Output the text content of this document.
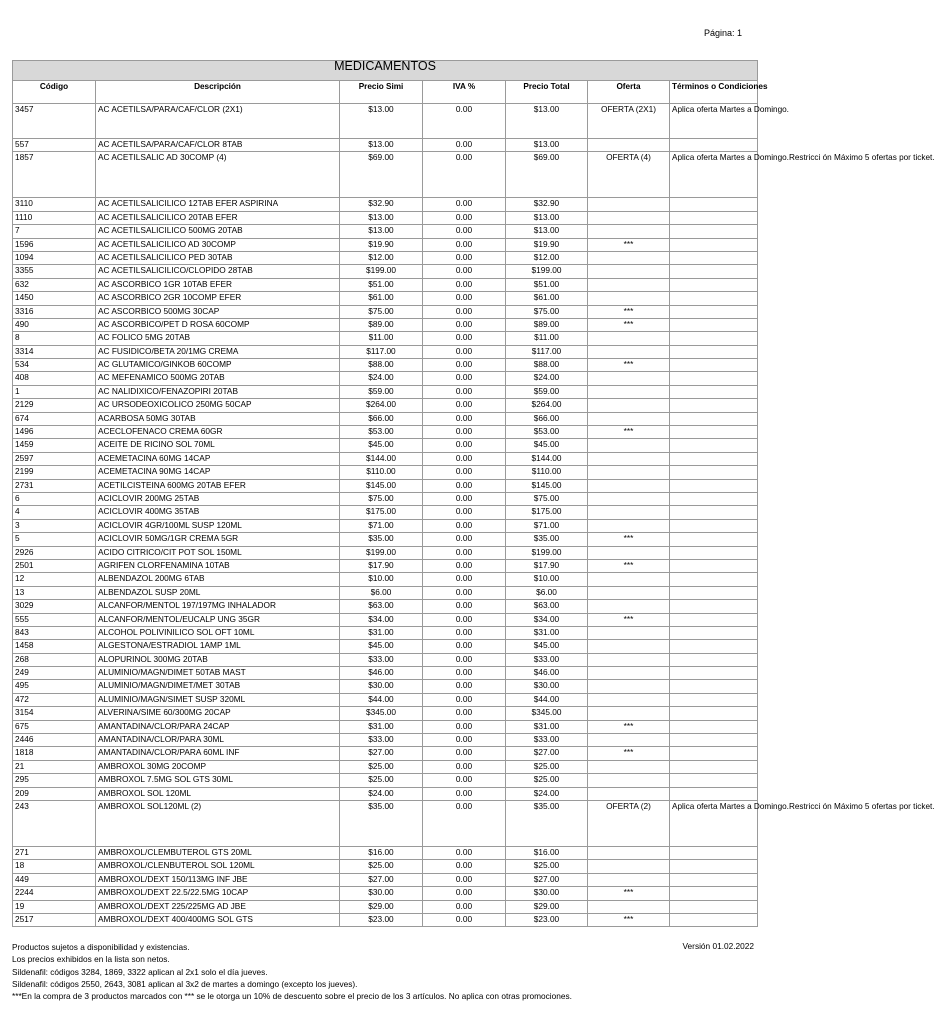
Página: 1
MEDICAMENTOS						
Código	Descripción	Precio Simi	IVA %	Precio Total	Oferta	Términos o Condiciones
3457	AC ACETILSA/PARA/CAF/CLOR (2X1)	$13.00	0.00	$13.00	OFERTA (2X1)	Aplica oferta Martes a Domingo.
557	AC ACETILSA/PARA/CAF/CLOR 8TAB	$13.00	0.00	$13.00		
1857	AC ACETILSALIC AD 30COMP (4)	$69.00	0.00	$69.00	OFERTA (4)	Aplica oferta Martes a Domingo.Restricci ón Máximo 5 ofertas por ticket.
3110	AC ACETILSALICILICO 12TAB EFER ASPIRINA	$32.90	0.00	$32.90		
1110	AC ACETILSALICILICO 20TAB EFER	$13.00	0.00	$13.00		
7	AC ACETILSALICILICO 500MG 20TAB	$13.00	0.00	$13.00		
1596	AC ACETILSALICILICO AD 30COMP	$19.90	0.00	$19.90	***	
1094	AC ACETILSALICILICO PED 30TAB	$12.00	0.00	$12.00		
3355	AC ACETILSALICILICO/CLOPIDO 28TAB	$199.00	0.00	$199.00		
632	AC ASCORBICO 1GR 10TAB EFER	$51.00	0.00	$51.00		
1450	AC ASCORBICO 2GR 10COMP EFER	$61.00	0.00	$61.00		
3316	AC ASCORBICO 500MG 30CAP	$75.00	0.00	$75.00	***	
490	AC ASCORBICO/PET D ROSA 60COMP	$89.00	0.00	$89.00	***	
8	AC FOLICO 5MG 20TAB	$11.00	0.00	$11.00		
3314	AC FUSIDICO/BETA 20/1MG CREMA	$117.00	0.00	$117.00		
534	AC GLUTAMICO/GINKOB 60COMP	$88.00	0.00	$88.00	***	
408	AC MEFENAMICO 500MG 20TAB	$24.00	0.00	$24.00		
1	AC NALIDIXICO/FENAZOPIRI 20TAB	$59.00	0.00	$59.00		
2129	AC URSODEOXICOLICO 250MG 50CAP	$264.00	0.00	$264.00		
674	ACARBOSA 50MG 30TAB	$66.00	0.00	$66.00		
1496	ACECLOFENACO CREMA 60GR	$53.00	0.00	$53.00	***	
1459	ACEITE DE RICINO SOL 70ML	$45.00	0.00	$45.00		
2597	ACEMETACINA 60MG 14CAP	$144.00	0.00	$144.00		
2199	ACEMETACINA 90MG 14CAP	$110.00	0.00	$110.00		
2731	ACETILCISTEINA 600MG 20TAB EFER	$145.00	0.00	$145.00		
6	ACICLOVIR 200MG 25TAB	$75.00	0.00	$75.00		
4	ACICLOVIR 400MG 35TAB	$175.00	0.00	$175.00		
3	ACICLOVIR 4GR/100ML SUSP 120ML	$71.00	0.00	$71.00		
5	ACICLOVIR 50MG/1GR CREMA 5GR	$35.00	0.00	$35.00	***	
2926	ACIDO CITRICO/CIT POT SOL 150ML	$199.00	0.00	$199.00		
2501	AGRIFEN CLORFENAMINA 10TAB	$17.90	0.00	$17.90	***	
12	ALBENDAZOL 200MG 6TAB	$10.00	0.00	$10.00		
13	ALBENDAZOL SUSP 20ML	$6.00	0.00	$6.00		
3029	ALCANFOR/MENTOL 197/197MG INHALADOR	$63.00	0.00	$63.00		
555	ALCANFOR/MENTOL/EUCALP UNG 35GR	$34.00	0.00	$34.00	***	
843	ALCOHOL POLIVINILICO SOL OFT 10ML	$31.00	0.00	$31.00		
1458	ALGESTONA/ESTRADIOL 1AMP 1ML	$45.00	0.00	$45.00		
268	ALOPURINOL 300MG 20TAB	$33.00	0.00	$33.00		
249	ALUMINIO/MAGN/DIMET 50TAB MAST	$46.00	0.00	$46.00		
495	ALUMINIO/MAGN/DIMET/MET 30TAB	$30.00	0.00	$30.00		
472	ALUMINIO/MAGN/SIMET SUSP 320ML	$44.00	0.00	$44.00		
3154	ALVERINA/SIME 60/300MG 20CAP	$345.00	0.00	$345.00		
675	AMANTADINA/CLOR/PARA 24CAP	$31.00	0.00	$31.00	***	
2446	AMANTADINA/CLOR/PARA 30ML	$33.00	0.00	$33.00		
1818	AMANTADINA/CLOR/PARA 60ML INF	$27.00	0.00	$27.00	***	
21	AMBROXOL 30MG 20COMP	$25.00	0.00	$25.00		
295	AMBROXOL 7.5MG SOL GTS 30ML	$25.00	0.00	$25.00		
209	AMBROXOL SOL 120ML	$24.00	0.00	$24.00		
243	AMBROXOL SOL120ML (2)	$35.00	0.00	$35.00	OFERTA (2)	Aplica oferta Martes a Domingo.Restricci ón Máximo 5 ofertas por ticket.
271	AMBROXOL/CLEMBUTEROL GTS 20ML	$16.00	0.00	$16.00		
18	AMBROXOL/CLENBUTEROL SOL 120ML	$25.00	0.00	$25.00		
449	AMBROXOL/DEXT 150/113MG INF JBE	$27.00	0.00	$27.00		
2244	AMBROXOL/DEXT 22.5/22.5MG 10CAP	$30.00	0.00	$30.00	***	
19	AMBROXOL/DEXT 225/225MG AD JBE	$29.00	0.00	$29.00		
2517	AMBROXOL/DEXT 400/400MG SOL GTS	$23.00	0.00	$23.00	***	
Productos sujetos a disponibilidad y existencias.
Los precios exhibidos en la lista son netos.
Sildenafil: códigos 3284, 1869, 3322 aplican al 2x1 solo el día jueves.
Sildenafil: códigos 2550, 2643, 3081 aplican al 3x2 de martes a domingo (excepto los jueves).
***En la compra de 3 productos marcados con *** se le otorga un 10% de descuento sobre el precio de los 3 artículos. No aplica con otras promociones.
Versión 01.02.2022
